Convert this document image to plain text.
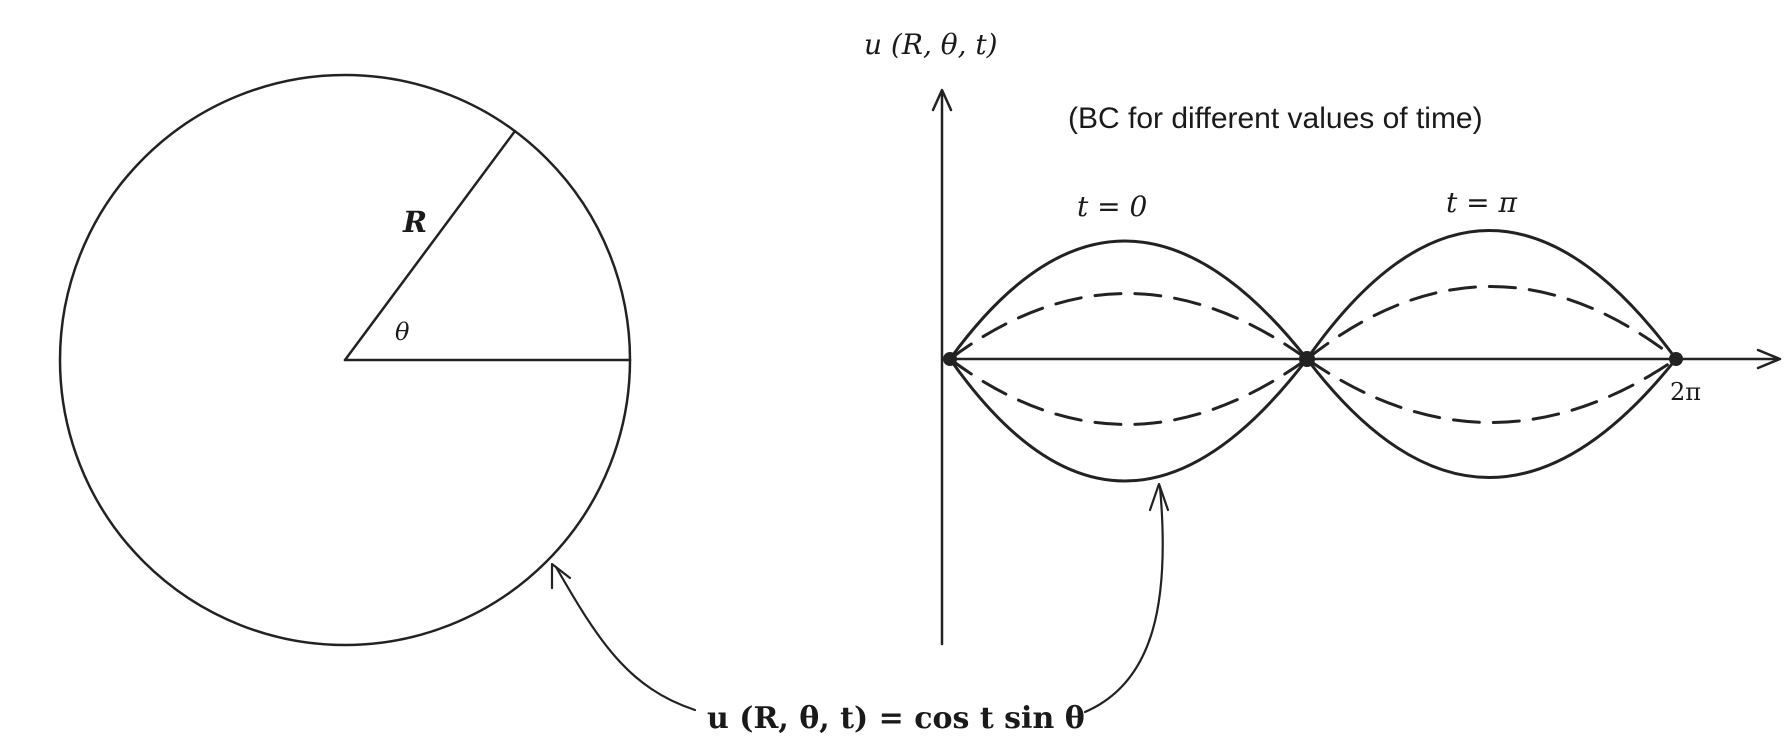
R
θ
u (R, θ, t)
(BC for different values of time)
t = 0	t = π
2π
u (R, θ, t) = cos t sin θ
